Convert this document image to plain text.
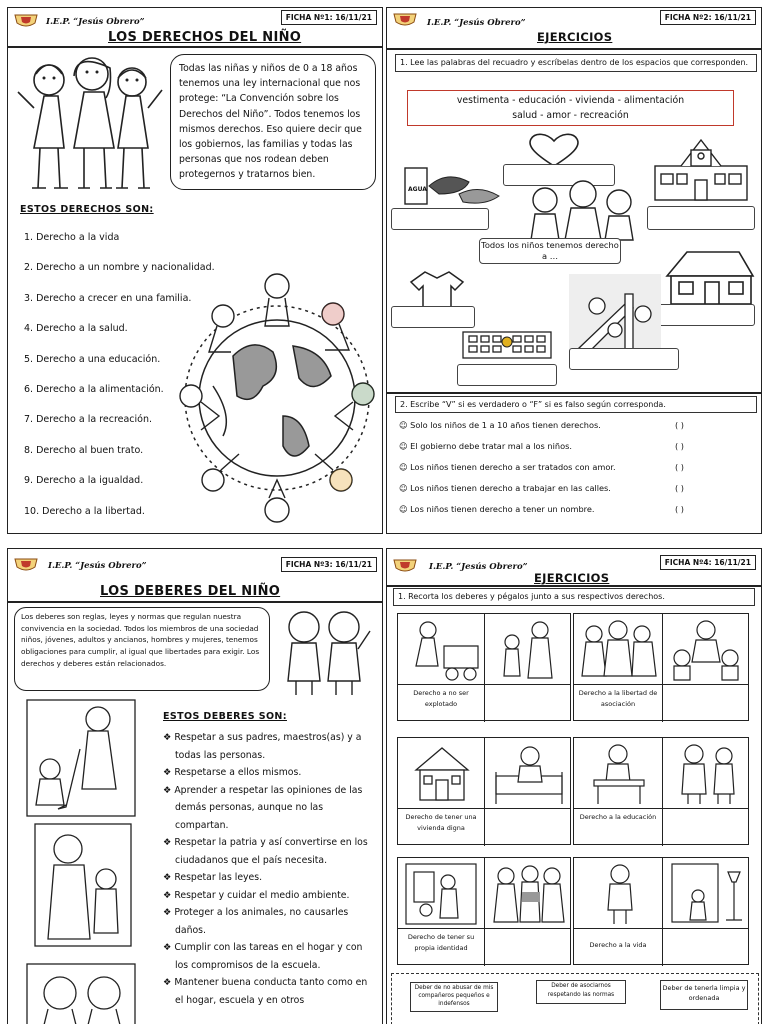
I.E.P. “Jesús Obrero”	FICHA Nº1: 16/11/21
LOS DERECHOS DEL NIÑO
Todas las niñas y niños de 0 a 18 años tenemos una ley internacional que nos protege: “La Convención sobre los Derechos del Niño”. Todos tenemos los mismos derechos. Eso quiere decir que los gobiernos, las familias y todas las personas que nos rodean deben protegernos y tratarnos bien.
ESTOS DERECHOS SON:
1. Derecho a la vida
2. Derecho a un nombre y nacionalidad.
3. Derecho a crecer en una familia.
4. Derecho a la salud.
5. Derecho a una educación.
6. Derecho a la alimentación.
7. Derecho a la recreación.
8. Derecho al buen trato.
9. Derecho a la igualdad.
10. Derecho a la libertad.
I.E.P. “Jesús Obrero”
FICHA Nº2: 16/11/21
EJERCICIOS
1. Lee las palabras del recuadro y escríbelas dentro de los espacios que corresponden.
vestimenta - educación - vivienda - alimentación
salud - amor - recreación
AGUA
Todos los niños tenemos derecho a …
2. Escribe “V” si es verdadero o “F” si es falso según corresponda.
☺ Solo los niños de 1 a 10 años tienen derechos.	( )
☺ El gobierno debe tratar mal a los niños.	( )
☺ Los niños tienen derecho a ser tratados con amor.	( )
☺ Los niños tienen derecho a trabajar en las calles.	( )
☺ Los niños tienen derecho a tener un nombre.	( )
I.E.P. “Jesús Obrero”	FICHA Nº3: 16/11/21
LOS DEBERES DEL NIÑO
Los deberes son reglas, leyes y normas que regulan nuestra convivencia en la sociedad. Todos los miembros de una sociedad niños, jóvenes, adultos y ancianos, hombres y mujeres, tenemos obligaciones para cumplir, al igual que libertades para exigir. Los derechos y deberes están relacionados.
ESTOS DEBERES SON:
❖ Respetar a sus padres, maestros(as) y a todas las personas.
❖ Respetarse a ellos mismos.
❖ Aprender a respetar las opiniones de las demás personas, aunque no las compartan.
❖ Respetar la patria y así convertirse en los ciudadanos que el país necesita.
❖ Respetar las leyes.
❖ Respetar y cuidar el medio ambiente.
❖ Proteger a los animales, no causarles daños.
❖ Cumplir con las tareas en el hogar y con los compromisos de la escuela.
❖ Mantener buena conducta tanto como en el hogar, escuela y en otros
I.E.P. “Jesús Obrero”	FICHA Nº4: 16/11/21
EJERCICIOS
1. Recorta los deberes y pégalos junto a sus respectivos derechos.
Derecho a no ser explotado
Derecho a la libertad de asociación
Derecho de tener una vivienda digna
Derecho a la educación
Derecho de tener su propia identidad	Derecho a la vida
Deber de no abusar de mis compañeros pequeños e indefensos
Deber de asociarnos respetando las normas
Deber de tenerla limpia y ordenada
